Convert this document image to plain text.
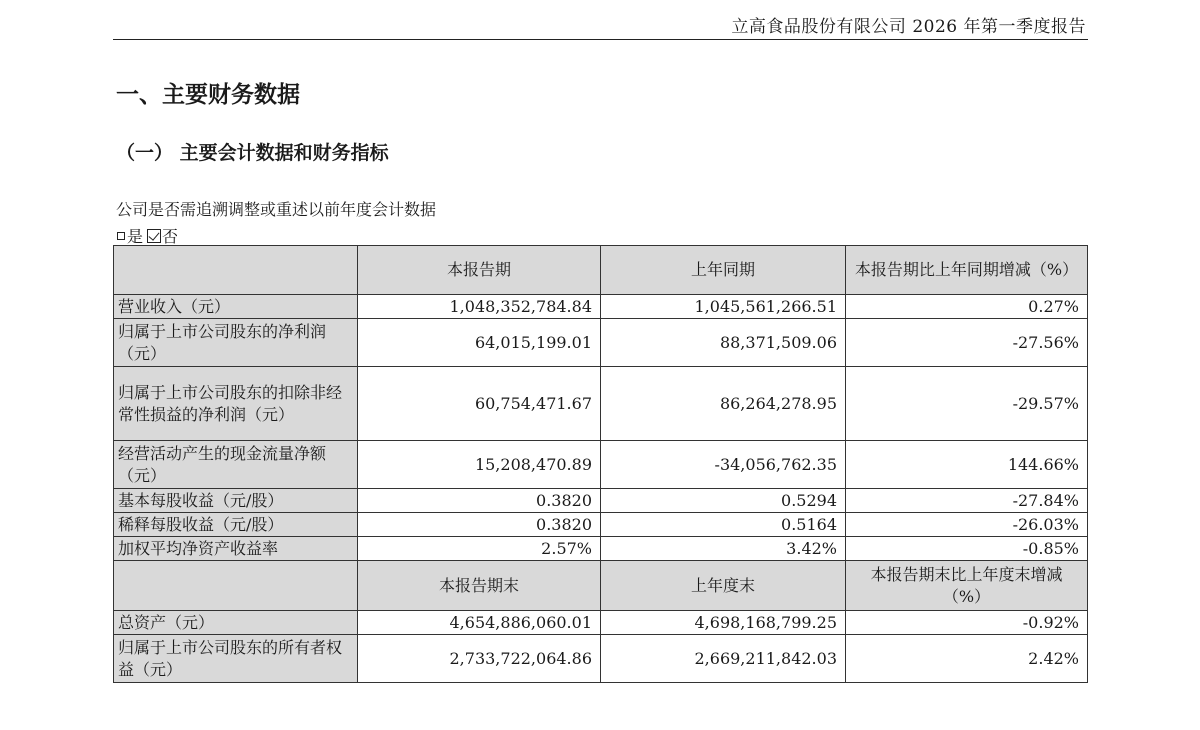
立高食品股份有限公司 2026 年第一季度报告
一、主要财务数据
（一） 主要会计数据和财务指标
公司是否需追溯调整或重述以前年度会计数据
是 否
	本报告期	上年同期	本报告期比上年同期增减（%）
营业收入（元）	1,048,352,784.84	1,045,561,266.51	0.27%
归属于上市公司股东的净利润（元）	64,015,199.01	88,371,509.06	-27.56%
归属于上市公司股东的扣除非经常性损益的净利润（元）	60,754,471.67	86,264,278.95	-29.57%
经营活动产生的现金流量净额（元）	15,208,470.89	-34,056,762.35	144.66%
基本每股收益（元/股）	0.3820	0.5294	-27.84%
稀释每股收益（元/股）	0.3820	0.5164	-26.03%
加权平均净资产收益率	2.57%	3.42%	-0.85%
	本报告期末	上年度末	本报告期末比上年度末增减（%）
总资产（元）	4,654,886,060.01	4,698,168,799.25	-0.92%
归属于上市公司股东的所有者权益（元）	2,733,722,064.86	2,669,211,842.03	2.42%
